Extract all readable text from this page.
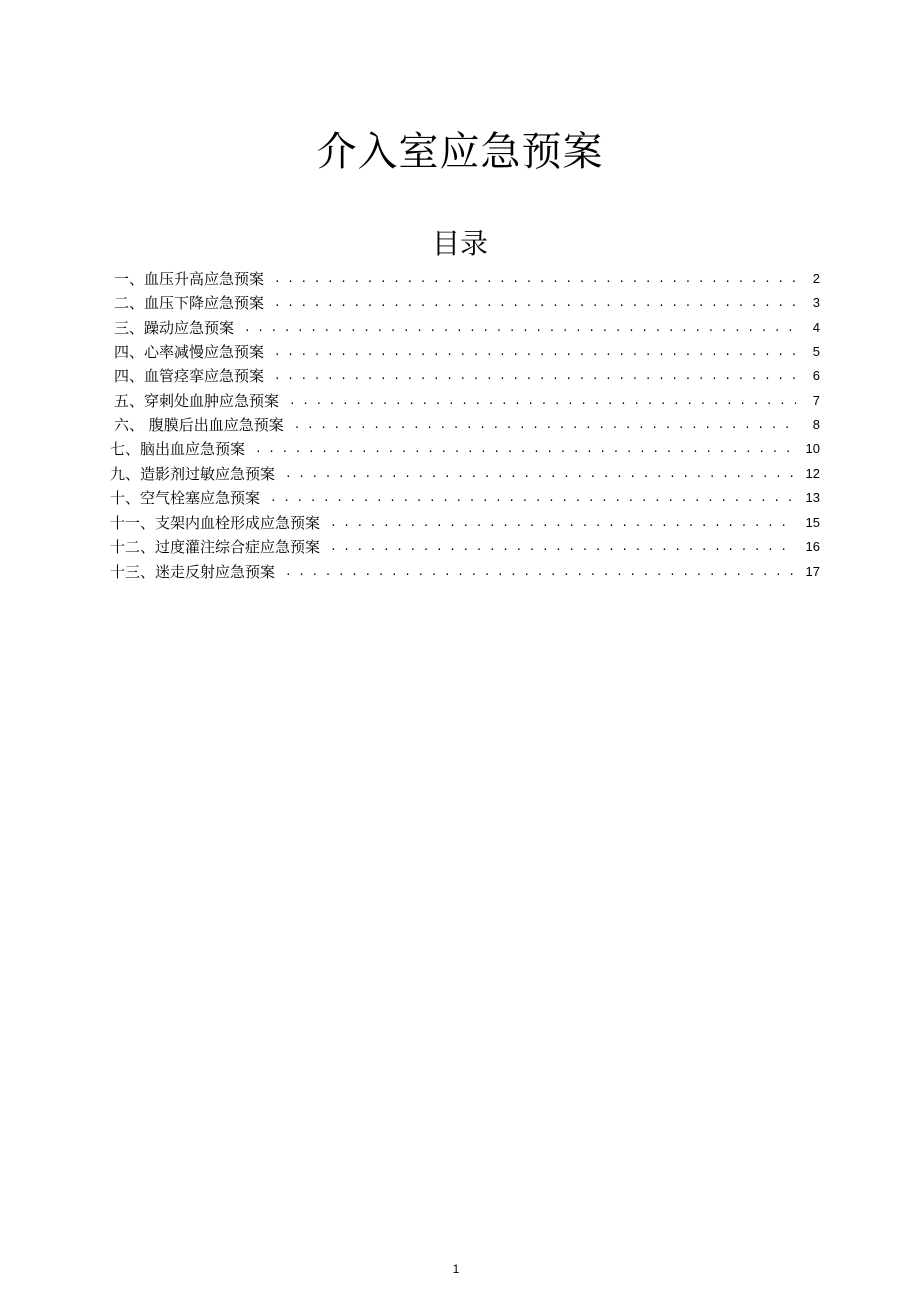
介入室应急预案
目录
一、血压升高应急预案 . . .	2
二、血压下降应急预案 . . .	3
三、躁动应急预案 . . .	4
四、心率减慢应急预案 . . .	5
四、血管痉挛应急预案 . . .	6
五、穿刺处血肿应急预案 . . .	7
六、 腹膜后出血应急预案 . . .	8
七、脑出血应急预案 . . .	10
九、造影剂过敏应急预案 . . .	12
十、空气栓塞应急预案 . . .	13
十一、支架内血栓形成应急预案 . . .	15
十二、过度灌注综合症应急预案 . . .	16
十三、迷走反射应急预案 . . .	17
1
